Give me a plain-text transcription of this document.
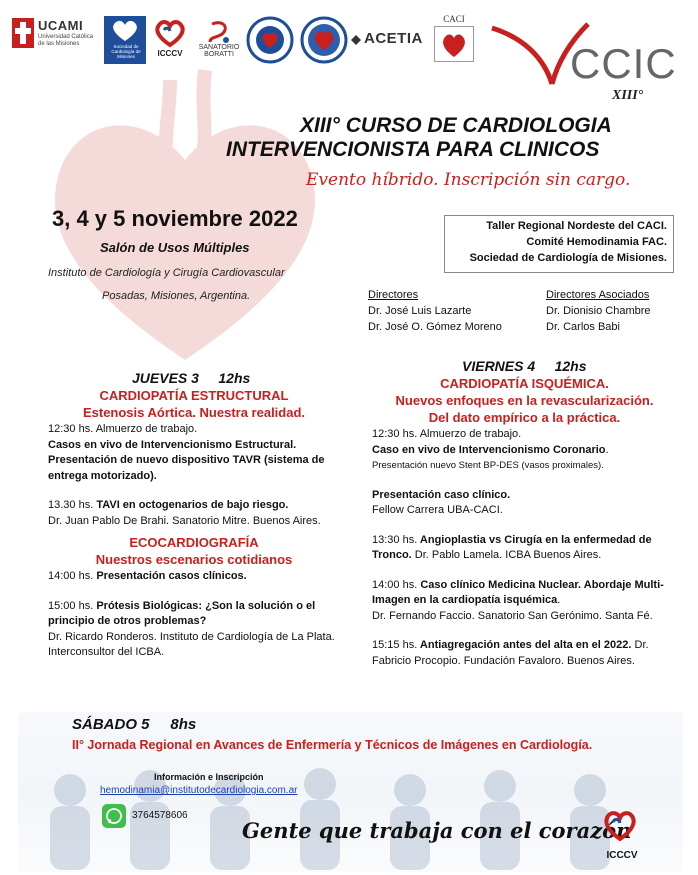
UCAMI
Universidad Católica de las Misiones	Sociedad de Cardiología de Misiones	ICCCV
SANATORIO BORATTI
ACETIA
CACI
CCIC
XIII°
XIII° CURSO DE CARDIOLOGIA
INTERVENCIONISTA PARA CLINICOS
Evento híbrido. Inscripción sin cargo.
3, 4 y 5 noviembre 2022
Salón de Usos Múltiples
Instituto de Cardiología y Cirugía Cardiovascular
Posadas, Misiones, Argentina.
Taller Regional Nordeste del CACI.
Comité Hemodinamia FAC.
Sociedad de Cardiología de Misiones.
Directores
Dr. José Luis Lazarte
Dr. José O. Gómez Moreno
Directores Asociados
Dr. Dionisio Chambre
Dr. Carlos Babi
JUEVES 3     12hs
CARDIOPATÍA ESTRUCTURAL
Estenosis Aórtica. Nuestra realidad.
12:30 hs. Almuerzo de trabajo.
Casos en vivo de Intervencionismo Estructural. Presentación de nuevo dispositivo TAVR (sistema de entrega motorizado).
13.30 hs. TAVI en octogenarios de bajo riesgo.
Dr. Juan Pablo De Brahi. Sanatorio Mitre. Buenos Aires.
ECOCARDIOGRAFÍA
Nuestros escenarios cotidianos
14:00 hs. Presentación casos clínicos.
15:00 hs. Prótesis Biológicas: ¿Son la solución o el principio de otros problemas?
Dr. Ricardo Ronderos. Instituto de Cardiología de La Plata. Interconsultor del ICBA.
VIERNES 4     12hs
CARDIOPATÍA ISQUÉMICA.
Nuevos enfoques en la revascularización.
Del dato empírico a la práctica.
12:30 hs. Almuerzo de trabajo.
Caso en vivo de Intervencionismo Coronario.
Presentación nuevo Stent BP-DES (vasos proximales).
Presentación caso clínico.
Fellow Carrera UBA-CACI.
13:30 hs. Angioplastia vs Cirugía en la enfermedad de Tronco. Dr. Pablo Lamela. ICBA Buenos Aires.
14:00 hs. Caso clínico Medicina Nuclear. Abordaje Multi-Imagen en la cardiopatía isquémica.
Dr. Fernando Faccio. Sanatorio San Gerónimo. Santa Fé.
15:15 hs. Antiagregación antes del alta en el 2022. Dr. Fabricio Procopio. Fundación Favaloro. Buenos Aires.
SÁBADO 5     8hs
II° Jornada Regional en Avances de Enfermería y Técnicos de Imágenes en Cardiología.
Información e Inscripción
hemodinamia@institutodecardiologia.com.ar
3764578606
Gente que trabaja con el corazón
ICCCV
